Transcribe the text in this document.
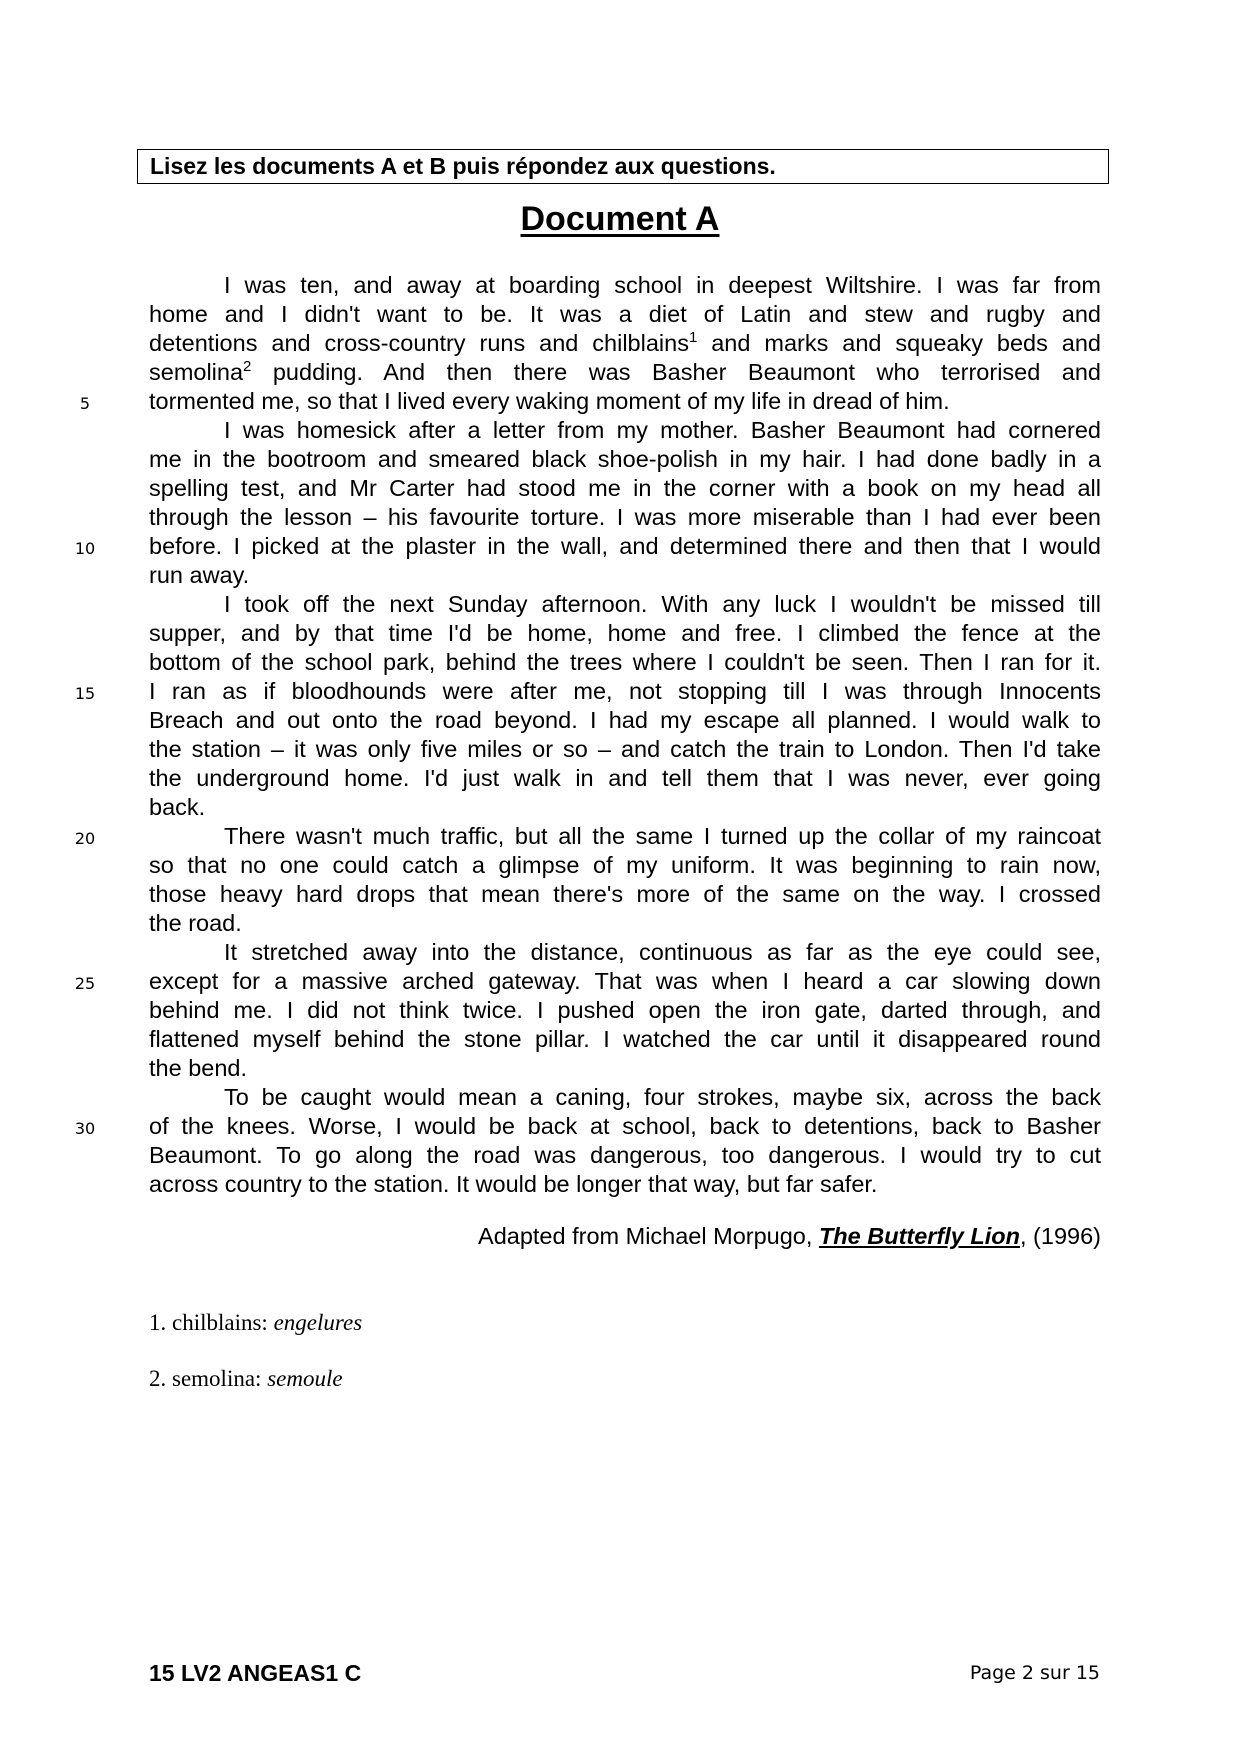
Lisez les documents A et B puis répondez aux questions.
Document A
I was ten, and away at boarding school in deepest Wiltshire. I was far from
home and I didn't want to be. It was a diet of Latin and stew and rugby and
detentions and cross-country runs and chilblains$^1$ and marks and squeaky beds and
semolina$^2$ pudding. And then there was Basher Beaumont who terrorised and
tormented me, so that I lived every waking moment of my life in dread of him.
I was homesick after a letter from my mother. Basher Beaumont had cornered
me in the bootroom and smeared black shoe-polish in my hair. I had done badly in a
spelling test, and Mr Carter had stood me in the corner with a book on my head all
through the lesson – his favourite torture. I was more miserable than I had ever been
before. I picked at the plaster in the wall, and determined there and then that I would
run away.
I took off the next Sunday afternoon. With any luck I wouldn't be missed till
supper, and by that time I'd be home, home and free. I climbed the fence at the
bottom of the school park, behind the trees where I couldn't be seen. Then I ran for it.
I ran as if bloodhounds were after me, not stopping till I was through Innocents
Breach and out onto the road beyond. I had my escape all planned. I would walk to
the station – it was only five miles or so – and catch the train to London. Then I'd take
the underground home. I'd just walk in and tell them that I was never, ever going
back.
There wasn't much traffic, but all the same I turned up the collar of my raincoat
so that no one could catch a glimpse of my uniform. It was beginning to rain now,
those heavy hard drops that mean there's more of the same on the way. I crossed
the road.
It stretched away into the distance, continuous as far as the eye could see,
except for a massive arched gateway. That was when I heard a car slowing down
behind me. I did not think twice. I pushed open the iron gate, darted through, and
flattened myself behind the stone pillar. I watched the car until it disappeared round
the bend.
To be caught would mean a caning, four strokes, maybe six, across the back
of the knees. Worse, I would be back at school, back to detentions, back to Basher
Beaumont. To go along the road was dangerous, too dangerous. I would try to cut
across country to the station. It would be longer that way, but far safer.
5
10
15
20
25
30
Adapted from Michael Morpugo, The Butterfly Lion, (1996)
1. chilblains: engelures
2. semolina: semoule
15 LV2 ANGEAS1 C	Page 2 sur 15
